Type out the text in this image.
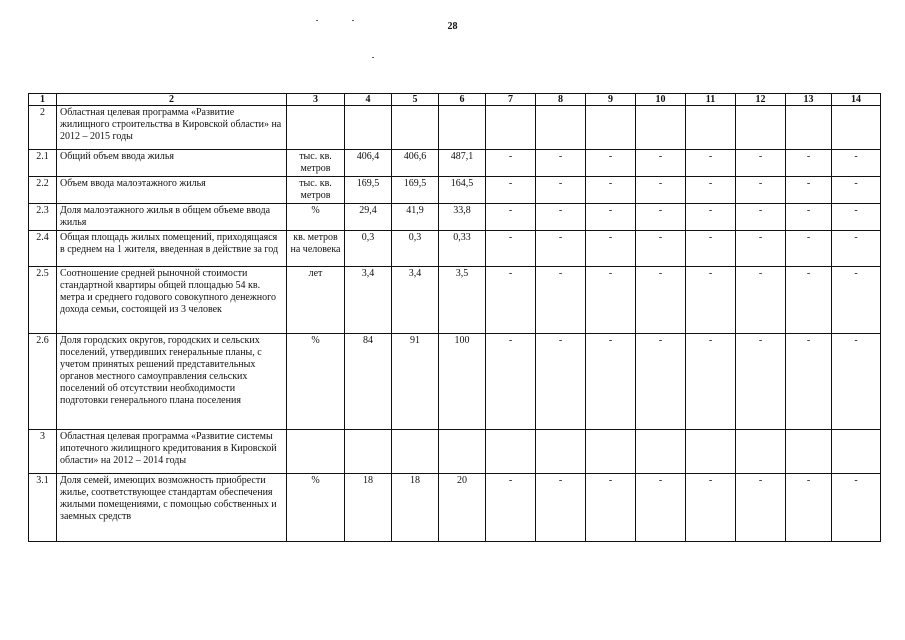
28
1	2	3	4	5	6	7	8	9	10	11	12	13	14
2	Областная целевая программа «Развитие жилищного строительства в Кировской области» на 2012 – 2015 годы												
2.1	Общий объем ввода жилья	тыс. кв. метров	406,4	406,6	487,1	-	-	-	-	-	-	-	-
2.2	Объем ввода малоэтажного жилья	тыс. кв. метров	169,5	169,5	164,5	-	-	-	-	-	-	-	-
2.3	Доля малоэтажного жилья в общем объеме ввода жилья	%	29,4	41,9	33,8	-	-	-	-	-	-	-	-
2.4	Общая площадь жилых помещений, приходящаяся в среднем на 1 жителя, введенная в действие за год	кв. метров на человека	0,3	0,3	0,33	-	-	-	-	-	-	-	-
2.5	Соотношение средней рыночной стоимости стандартной квартиры общей площадью 54 кв. метра и среднего годового совокупного денежного дохода семьи, состоящей из 3 человек	лет	3,4	3,4	3,5	-	-	-	-	-	-	-	-
2.6	Доля городских округов, городских и сельских поселений, утвердивших генеральные планы, с учетом принятых решений представительных органов местного самоуправления сельских поселений об отсутствии необходимости подготовки генерального плана поселения	%	84	91	100	-	-	-	-	-	-	-	-
3	Областная целевая программа «Развитие системы ипотечного жилищного кредитования в Кировской области» на 2012 – 2014 годы												
3.1	Доля семей, имеющих возможность приобрести жилье, соответствующее стандартам обеспечения жилыми помещениями, с помощью собственных и заемных средств	%	18	18	20	-	-	-	-	-	-	-	-
